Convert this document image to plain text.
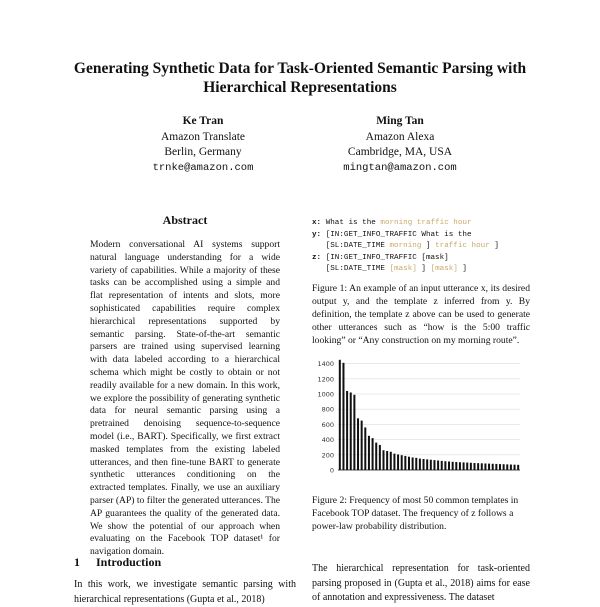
Generating Synthetic Data for Task-Oriented Semantic Parsing with
Hierarchical Representations
Ke Tran
Amazon Translate
Berlin, Germany
trnke@amazon.com
Ming Tan
Amazon Alexa
Cambridge, MA, USA
mingtan@amazon.com
Abstract
Modern conversational AI systems support natural language understanding for a wide variety of capabilities. While a majority of these tasks can be accomplished using a simple and flat representation of intents and slots, more sophisticated capabilities require complex hierarchical representations supported by semantic parsing. State-of-the-art semantic parsers are trained using supervised learning with data labeled according to a hierarchical schema which might be costly to obtain or not readily available for a new domain. In this work, we explore the possibility of generating synthetic data for neural semantic parsing using a pretrained denoising sequence-to-sequence model (i.e., BART). Specifically, we first extract masked templates from the existing labeled utterances, and then fine-tune BART to generate synthetic utterances conditioning on the extracted templates. Finally, we use an auxiliary parser (AP) to filter the generated utterances. The AP guarantees the quality of the generated data. We show the potential of our approach when evaluating on the Facebook TOP dataset¹ for navigation domain.
1 Introduction
In this work, we investigate semantic parsing with hierarchical representations (Gupta et al., 2018)
x: What is the morning traffic hour
y: [IN:GET_INFO_TRAFFIC What is the
[SL:DATE_TIME morning ] traffic hour ]
z: [IN:GET_INFO_TRAFFIC [mask]
[SL:DATE_TIME [mask] ] [mask] ]
Figure 1: An example of an input utterance x, its desired output y, and the template z inferred from y. By definition, the template z above can be used to generate other utterances such as “how is the 5:00 traffic looking” or “Any construction on my morning route”.
0
200
400
600
800
1000
1200
1400
Figure 2: Frequency of most 50 common templates in Facebook TOP dataset. The frequency of z follows a power-law probability distribution.
The hierarchical representation for task-oriented parsing proposed in (Gupta et al., 2018) aims for ease of annotation and expressiveness. The dataset
